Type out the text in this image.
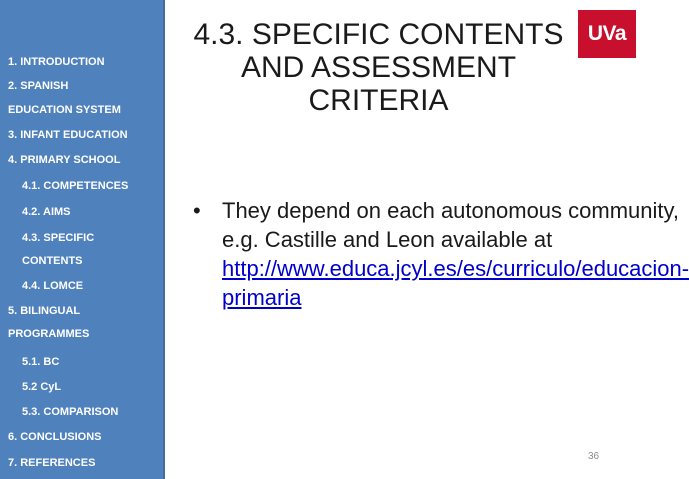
1. INTRODUCTION
2. SPANISH
EDUCATION SYSTEM
3. INFANT EDUCATION
4. PRIMARY SCHOOL
4.1. COMPETENCES
4.2. AIMS
4.3. SPECIFIC
CONTENTS
4.4. LOMCE
5. BILINGUAL
PROGRAMMES
5.1. BC
5.2 CyL
5.3. COMPARISON
6. CONCLUSIONS
7. REFERENCES
UVa
4.3. SPECIFIC CONTENTS AND ASSESSMENT CRITERIA
• They depend on each autonomous community, e.g. Castille and Leon available at http://www.educa.jcyl.es/es/curriculo/educacion-primaria
36
